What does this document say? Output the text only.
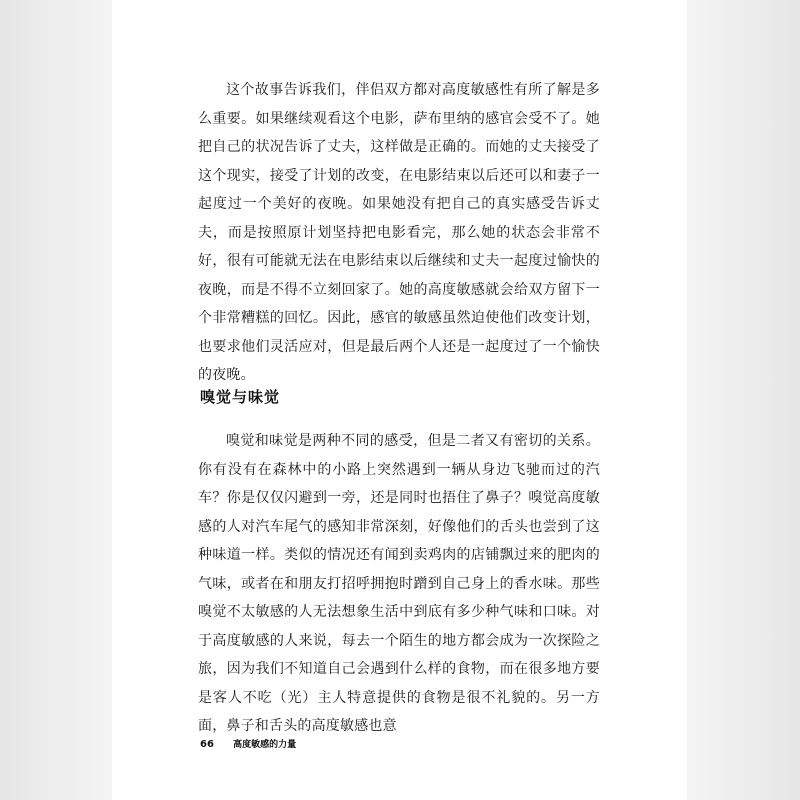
这个故事告诉我们，伴侣双方都对高度敏感性有所了解是多么重要。如果继续观看这个电影，萨布里纳的感官会受不了。她把自己的状况告诉了丈夫，这样做是正确的。而她的丈夫接受了这个现实，接受了计划的改变，在电影结束以后还可以和妻子一起度过一个美好的夜晚。如果她没有把自己的真实感受告诉丈夫，而是按照原计划坚持把电影看完，那么她的状态会非常不好，很有可能就无法在电影结束以后继续和丈夫一起度过愉快的夜晚，而是不得不立刻回家了。她的高度敏感就会给双方留下一个非常糟糕的回忆。因此，感官的敏感虽然迫使他们改变计划，也要求他们灵活应对，但是最后两个人还是一起度过了一个愉快的夜晚。

嗅觉与味觉

嗅觉和味觉是两种不同的感受，但是二者又有密切的关系。你有没有在森林中的小路上突然遇到一辆从身边飞驰而过的汽车？你是仅仅闪避到一旁，还是同时也捂住了鼻子？嗅觉高度敏感的人对汽车尾气的感知非常深刻，好像他们的舌头也尝到了这种味道一样。类似的情况还有闻到卖鸡肉的店铺飘过来的肥肉的气味，或者在和朋友打招呼拥抱时蹭到自己身上的香水味。那些嗅觉不太敏感的人无法想象生活中到底有多少种气味和口味。对于高度敏感的人来说，每去一个陌生的地方都会成为一次探险之旅，因为我们不知道自己会遇到什么样的食物，而在很多地方要是客人不吃（光）主人特意提供的食物是很不礼貌的。另一方面，鼻子和舌头的高度敏感也意

66 高度敏感的力量
